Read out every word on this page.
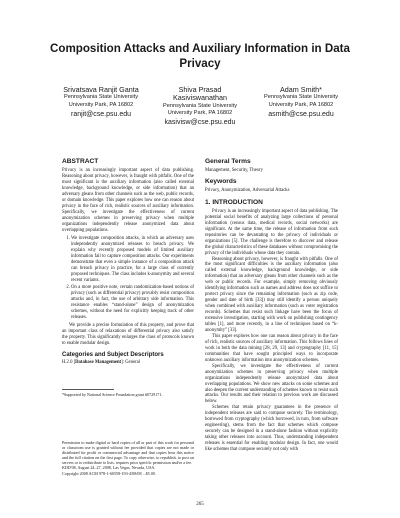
Composition Attacks and Auxiliary Information in Data
Privacy
Srivatsava Ranjit Ganta
Pennsylvania State University
University Park, PA 16802
ranjit@cse.psu.edu
Shiva Prasad
Kasiviswanathan
Pennsylvania State University
University Park, PA 16802
kasivisw@cse.psu.edu
Adam Smith*
Pennsylvania State University
University Park, PA 16802
asmith@cse.psu.edu
ABSTRACT

Privacy is an increasingly important aspect of data publishing. Reasoning about privacy, however, is fraught with pitfalls. One of the most significant is the auxiliary information (also called external knowledge, background knowledge, or side information) that an adversary gleans from other channels such as the web, public records, or domain knowledge. This paper explores how one can reason about privacy in the face of rich, realistic sources of auxiliary information. Specifically, we investigate the effectiveness of current anonymization schemes in preserving privacy when multiple organizations independently release anonymized data about overlapping populations.

1. We investigate composition attacks, in which an adversary uses independently anonymized releases to breach privacy. We explain why recently proposed models of limited auxiliary information fail to capture composition attacks. Our experiments demonstrate that even a simple instance of a composition attack can breach privacy in practice, for a large class of currently proposed techniques. The class includes k-anonymity and several recent variants.
2. On a more positive note, certain randomization-based notions of privacy (such as differential privacy) provably resist composition attacks and, in fact, the use of arbitrary side information. This resistance enables “stand-alone” design of anonymization schemes, without the need for explicitly keeping track of other releases.

We provide a precise formulation of this property, and prove that an important class of relaxations of differential privacy also satisfy the property. This significantly enlarges the class of protocols known to enable modular design.

Categories and Subject Descriptors

H.2.0 [Database Management]: General

*Supported by National Science Foundation grant #0729171.

Permission to make digital or hard copies of all or part of this work for personal or classroom use is granted without fee provided that copies are not made or distributed for profit or commercial advantage and that copies bear this notice and the full citation on the first page. To copy otherwise, to republish, to post on servers or to redistribute to lists, requires prior specific permission and/or a fee.

KDD'08, August 24–27, 2008, Las Vegas, Nevada, USA.

Copyright 2008 ACM 978-1-60558-193-4/08/08 ...$5.00.

General Terms

Management, Security, Theory

Keywords

Privacy, Anonymization, Adversarial Attacks

1. INTRODUCTION

Privacy is an increasingly important aspect of data publishing. The potential social benefits of analyzing large collections of personal information (census data, medical records, social networks) are significant. At the same time, the release of information from such repositories can be devastating to the privacy of individuals or organizations [5]. The challenge is therefore to discover and release the global characteristics of these databases without compromising the privacy of the individuals whose data they contain.

Reasoning about privacy, however, is fraught with pitfalls. One of the most significant difficulties is the auxiliary information (also called external knowledge, background knowledge, or side information) that an adversary gleans from other channels such as the web or public records. For example, simply removing obviously identifying information such as names and address does not suffice to protect privacy since the remaining information (such as zip code, gender and date of birth [33]) may still identify a person uniquely when combined with auxiliary information (such as voter registration records). Schemes that resist such linkage have been the focus of extensive investigation, starting with work on publishing contingency tables [1], and more recently, in a line of techniques based on “k-anonymity” [33].

This paper explores how one can reason about privacy in the face of rich, realistic sources of auxiliary information. This follows lines of work in both the data mining [28, 29, 13] and cryptography [11, 15] communities that have sought principled ways to incorporate unknown auxiliary information into anonymization schemes.

Specifically, we investigate the effectiveness of current anonymization schemes in preserving privacy when multiple organizations independently release anonymized data about overlapping populations. We show new attacks on some schemes and also deepen the current understanding of schemes known to resist such attacks. Our results and their relation to previous work are discussed below.

Schemes that retain privacy guarantees in the presence of independent releases are said to compose securely. The terminology, borrowed from cryptography (which borrowed, in turn, from software engineering), stems from the fact that schemes which compose securely can be designed in a stand-alone fashion without explicitly taking other releases into account. Thus, understanding independent releases is essential for enabling modular design. In fact, one would like schemes that compose securely not only with

265
